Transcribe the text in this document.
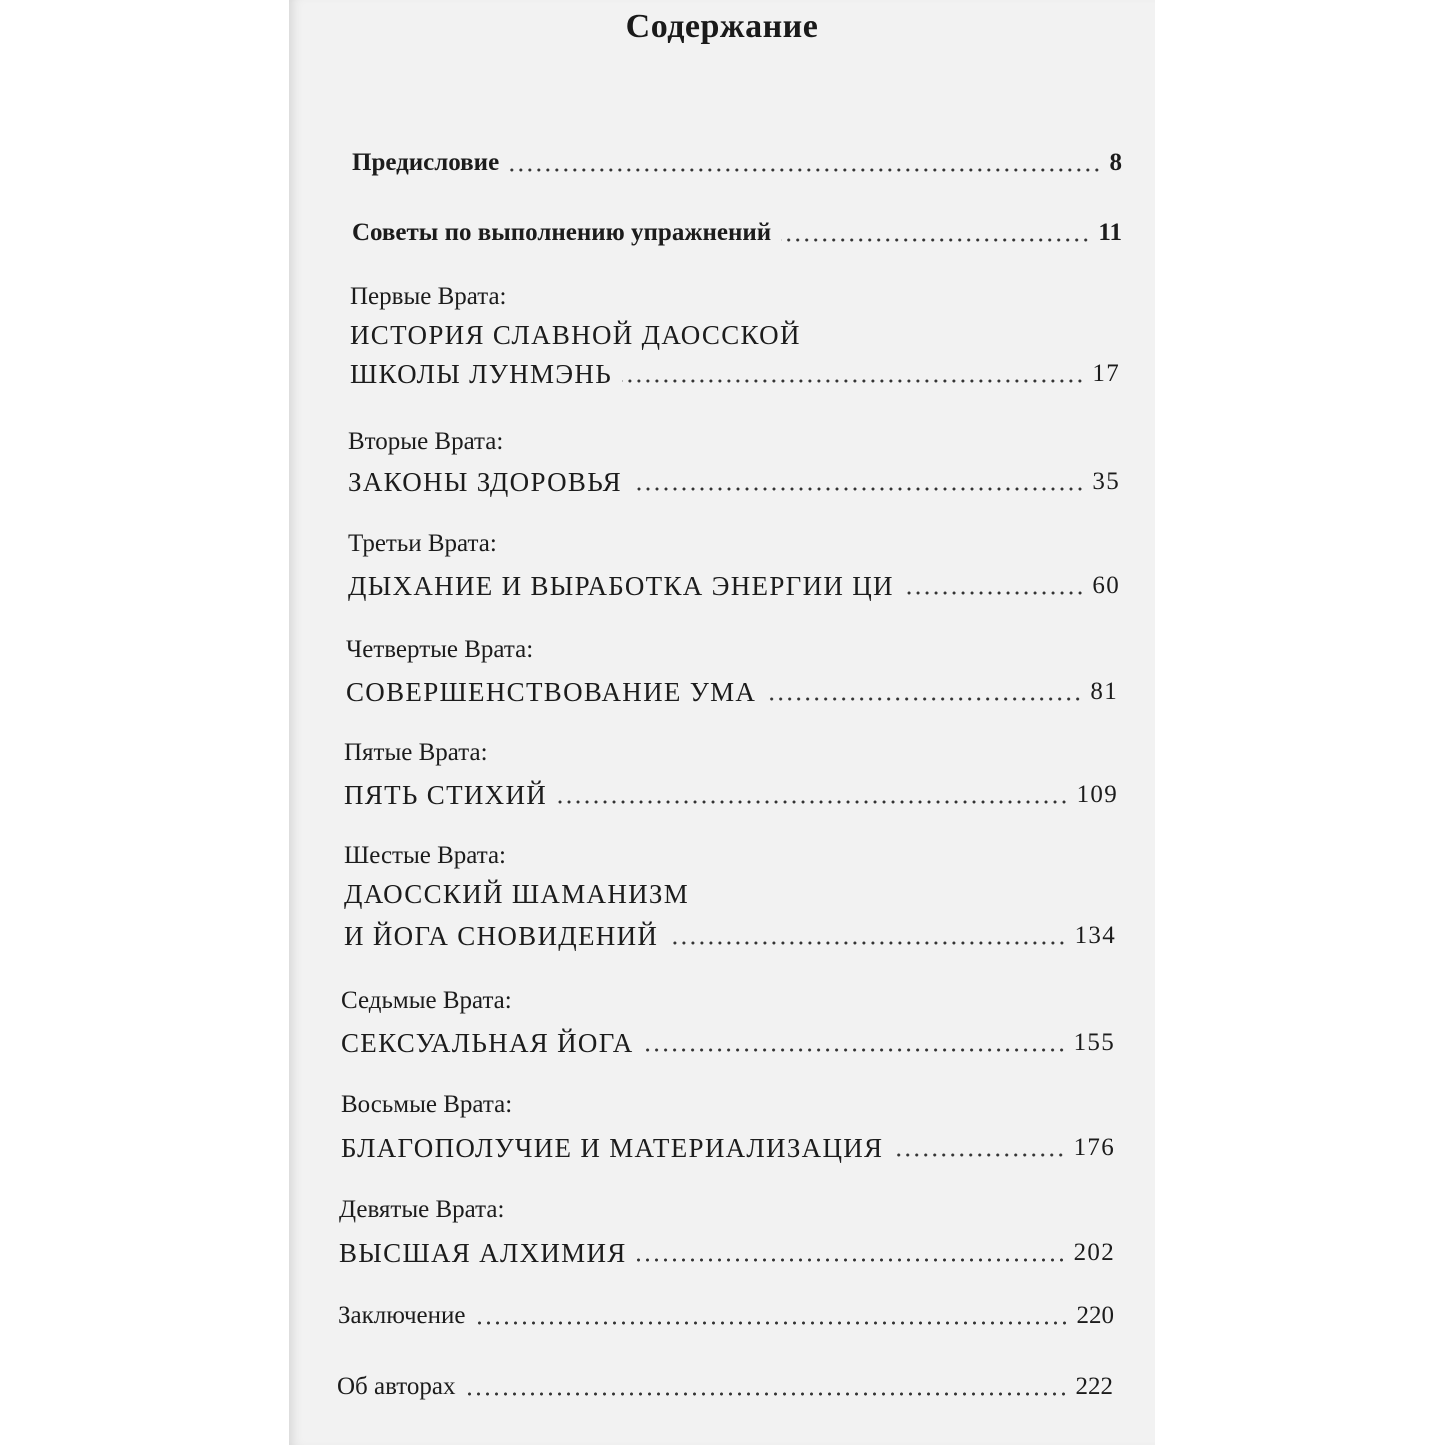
Содержание
Предисловие	8
Советы по выполнению упражнений	11
Первые Врата:
ИСТОРИЯ СЛАВНОЙ ДАОССКОЙ
ШКОЛЫ ЛУНМЭНЬ	17
Вторые Врата:
ЗАКОНЫ ЗДОРОВЬЯ	35
Третьи Врата:
ДЫХАНИЕ И ВЫРАБОТКА ЭНЕРГИИ ЦИ	60
Четвертые Врата:
СОВЕРШЕНСТВОВАНИЕ УМА	81
Пятые Врата:
ПЯТЬ СТИХИЙ	109
Шестые Врата:
ДАОССКИЙ ШАМАНИЗМ
И ЙОГА СНОВИДЕНИЙ	134
Седьмые Врата:
СЕКСУАЛЬНАЯ ЙОГА	155
Восьмые Врата:
БЛАГОПОЛУЧИЕ И МАТЕРИАЛИЗАЦИЯ	176
Девятые Врата:
ВЫСШАЯ АЛХИМИЯ	202
Заключение	220
Об авторах	222
